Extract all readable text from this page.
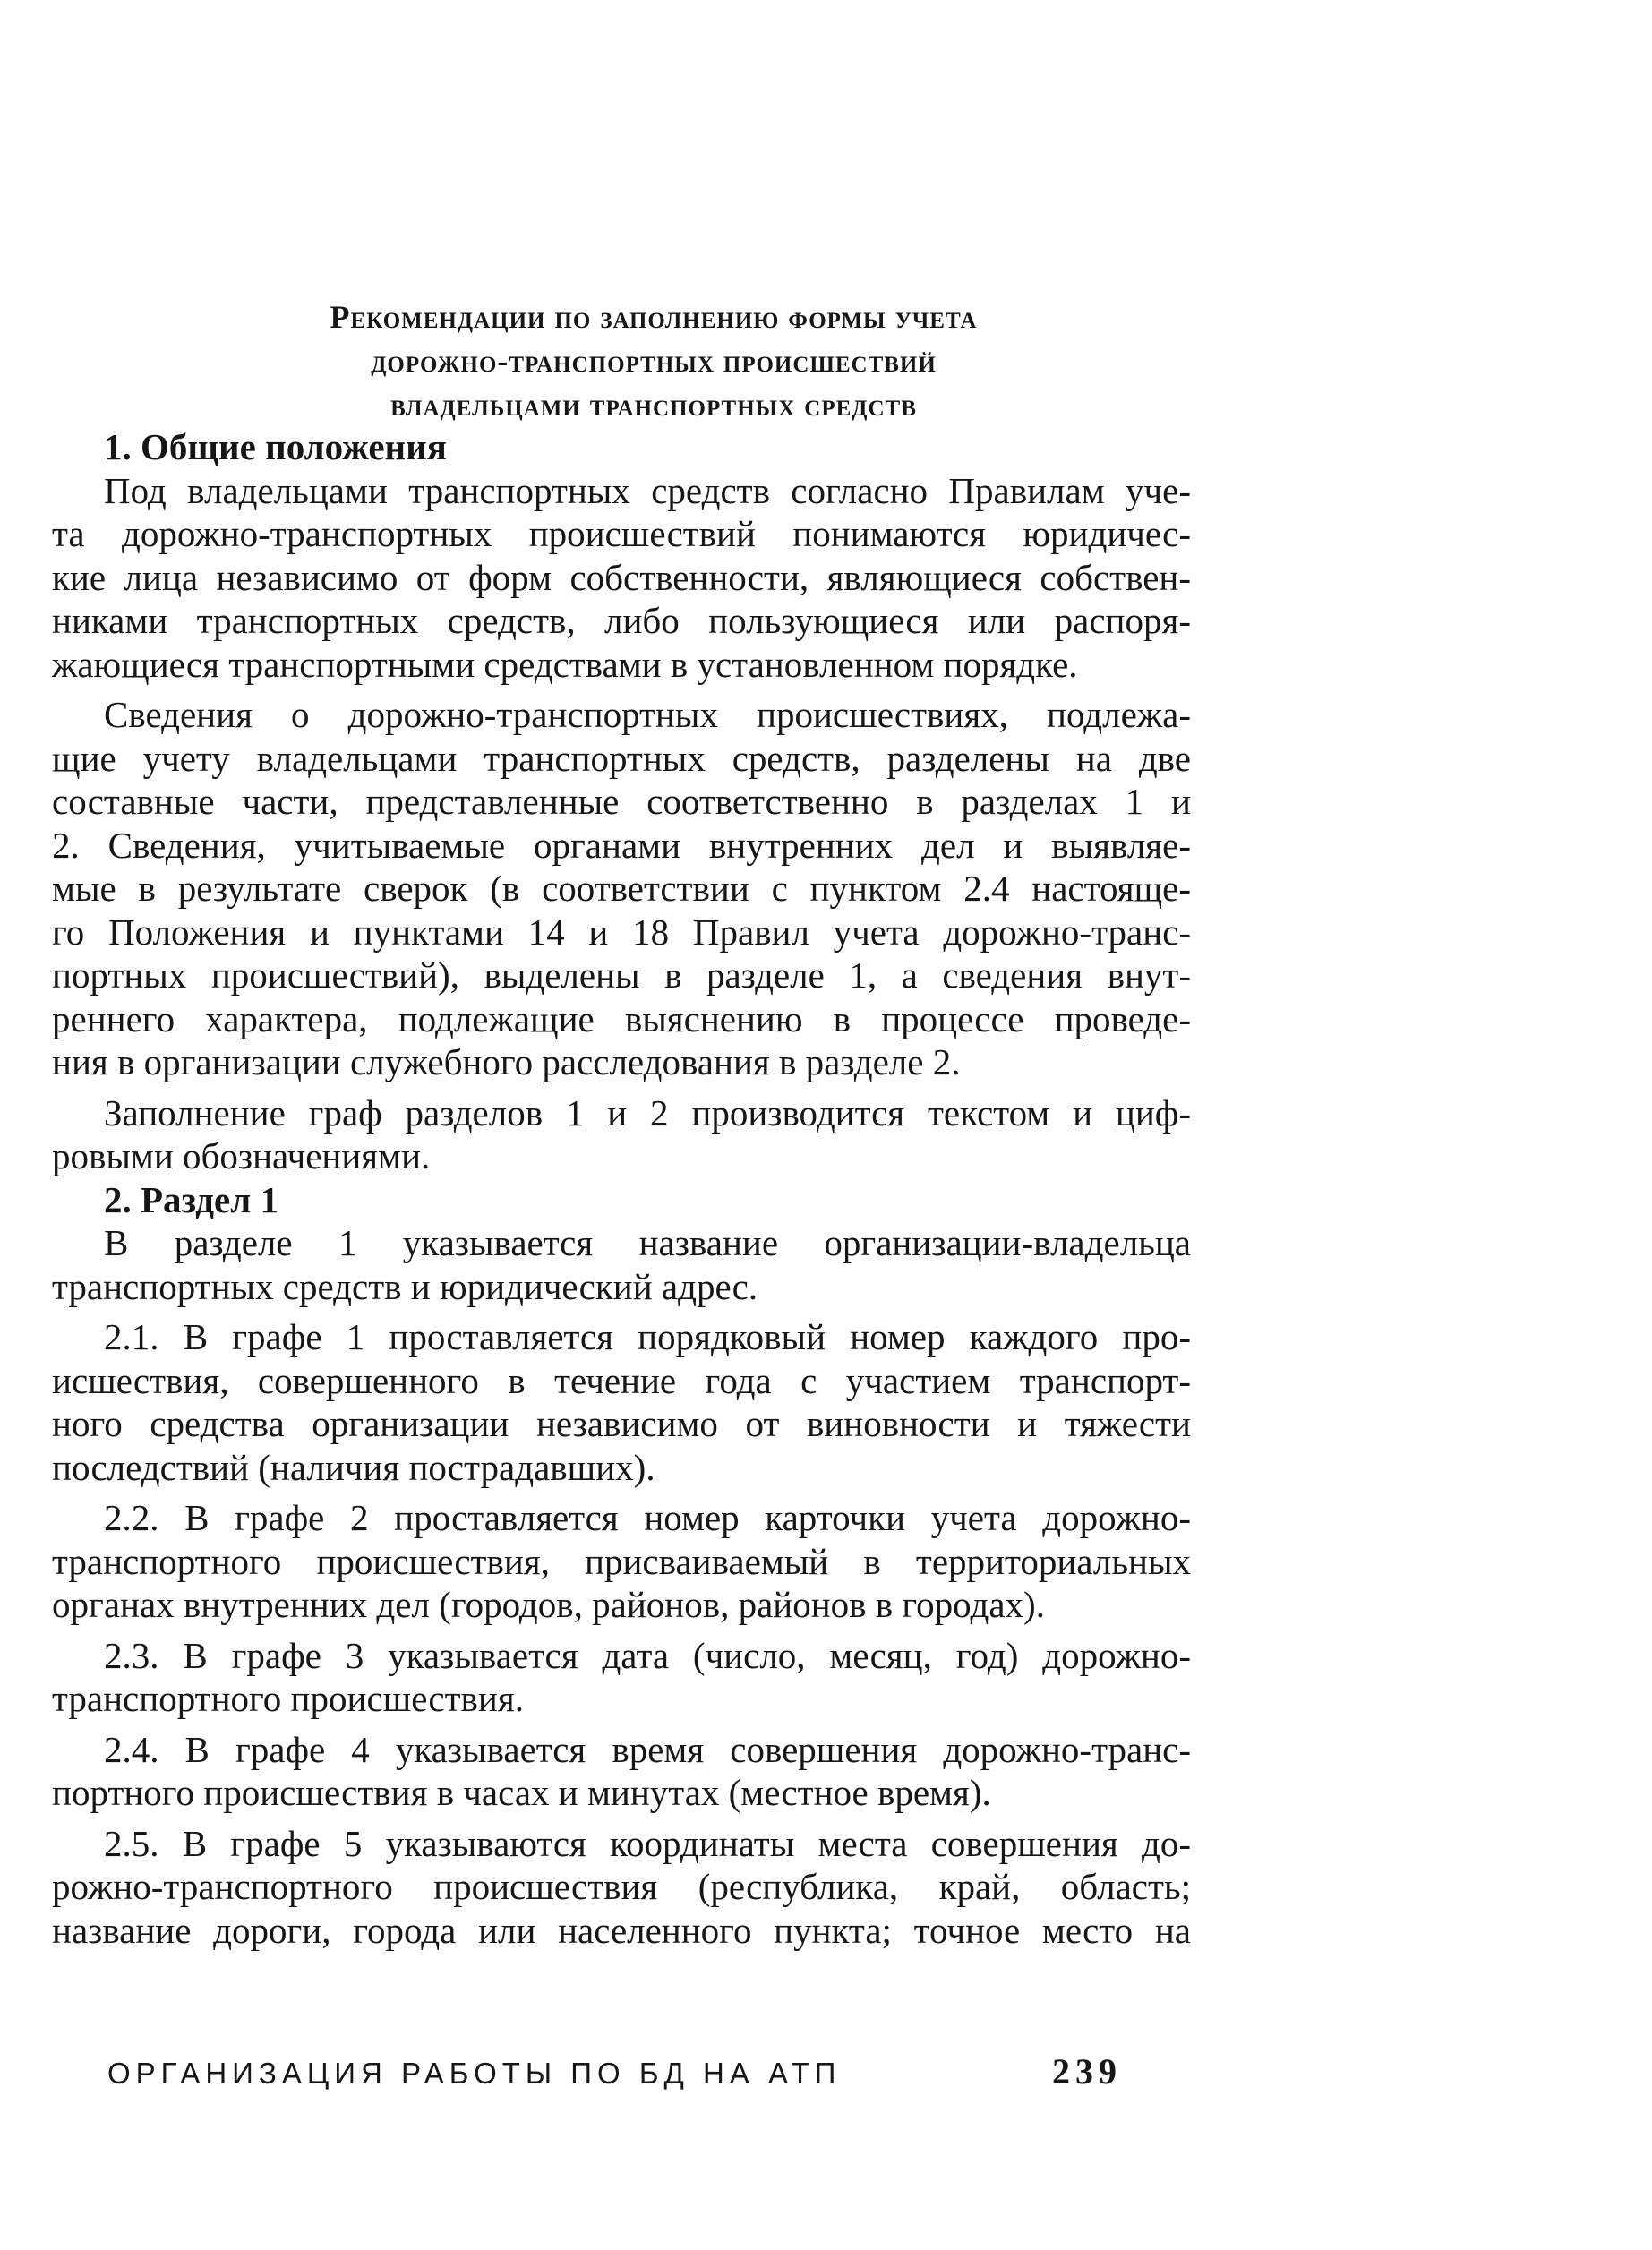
Рекомендации по заполнению формы учета
дорожно-транспортных происшествий
владельцами транспортных средств

1. Общие положения

Под владельцами транспортных средств согласно Правилам уче-
та дорожно-транспортных происшествий понимаются юридичес-
кие лица независимо от форм собственности, являющиеся собствен-
никами транспортных средств, либо пользующиеся или распоря-
жающиеся транспортными средствами в установленном порядке.

Сведения о дорожно-транспортных происшествиях, подлежа-
щие учету владельцами транспортных средств, разделены на две
составные части, представленные соответственно в разделах 1 и
2. Сведения, учитываемые органами внутренних дел и выявляе-
мые в результате сверок (в соответствии с пунктом 2.4 настояще-
го Положения и пунктами 14 и 18 Правил учета дорожно-транс-
портных происшествий), выделены в разделе 1, а сведения внут-
реннего характера, подлежащие выяснению в процессе проведе-
ния в организации служебного расследования в разделе 2.

Заполнение граф разделов 1 и 2 производится текстом и циф-
ровыми обозначениями.

2. Раздел 1

В разделе 1 указывается название организации-владельца
транспортных средств и юридический адрес.

2.1. В графе 1 проставляется порядковый номер каждого про-
исшествия, совершенного в течение года с участием транспорт-
ного средства организации независимо от виновности и тяжести
последствий (наличия пострадавших).

2.2. В графе 2 проставляется номер карточки учета дорожно-
транспортного происшествия, присваиваемый в территориальных
органах внутренних дел (городов, районов, районов в городах).

2.3. В графе 3 указывается дата (число, месяц, год) дорожно-
транспортного происшествия.

2.4. В графе 4 указывается время совершения дорожно-транс-
портного происшествия в часах и минутах (местное время).

2.5. В графе 5 указываются координаты места совершения до-
рожно-транспортного происшествия (республика, край, область;
название дороги, города или населенного пункта; точное место на

ОРГАНИЗАЦИЯ РАБОТЫ ПО БД НА АТП	239
